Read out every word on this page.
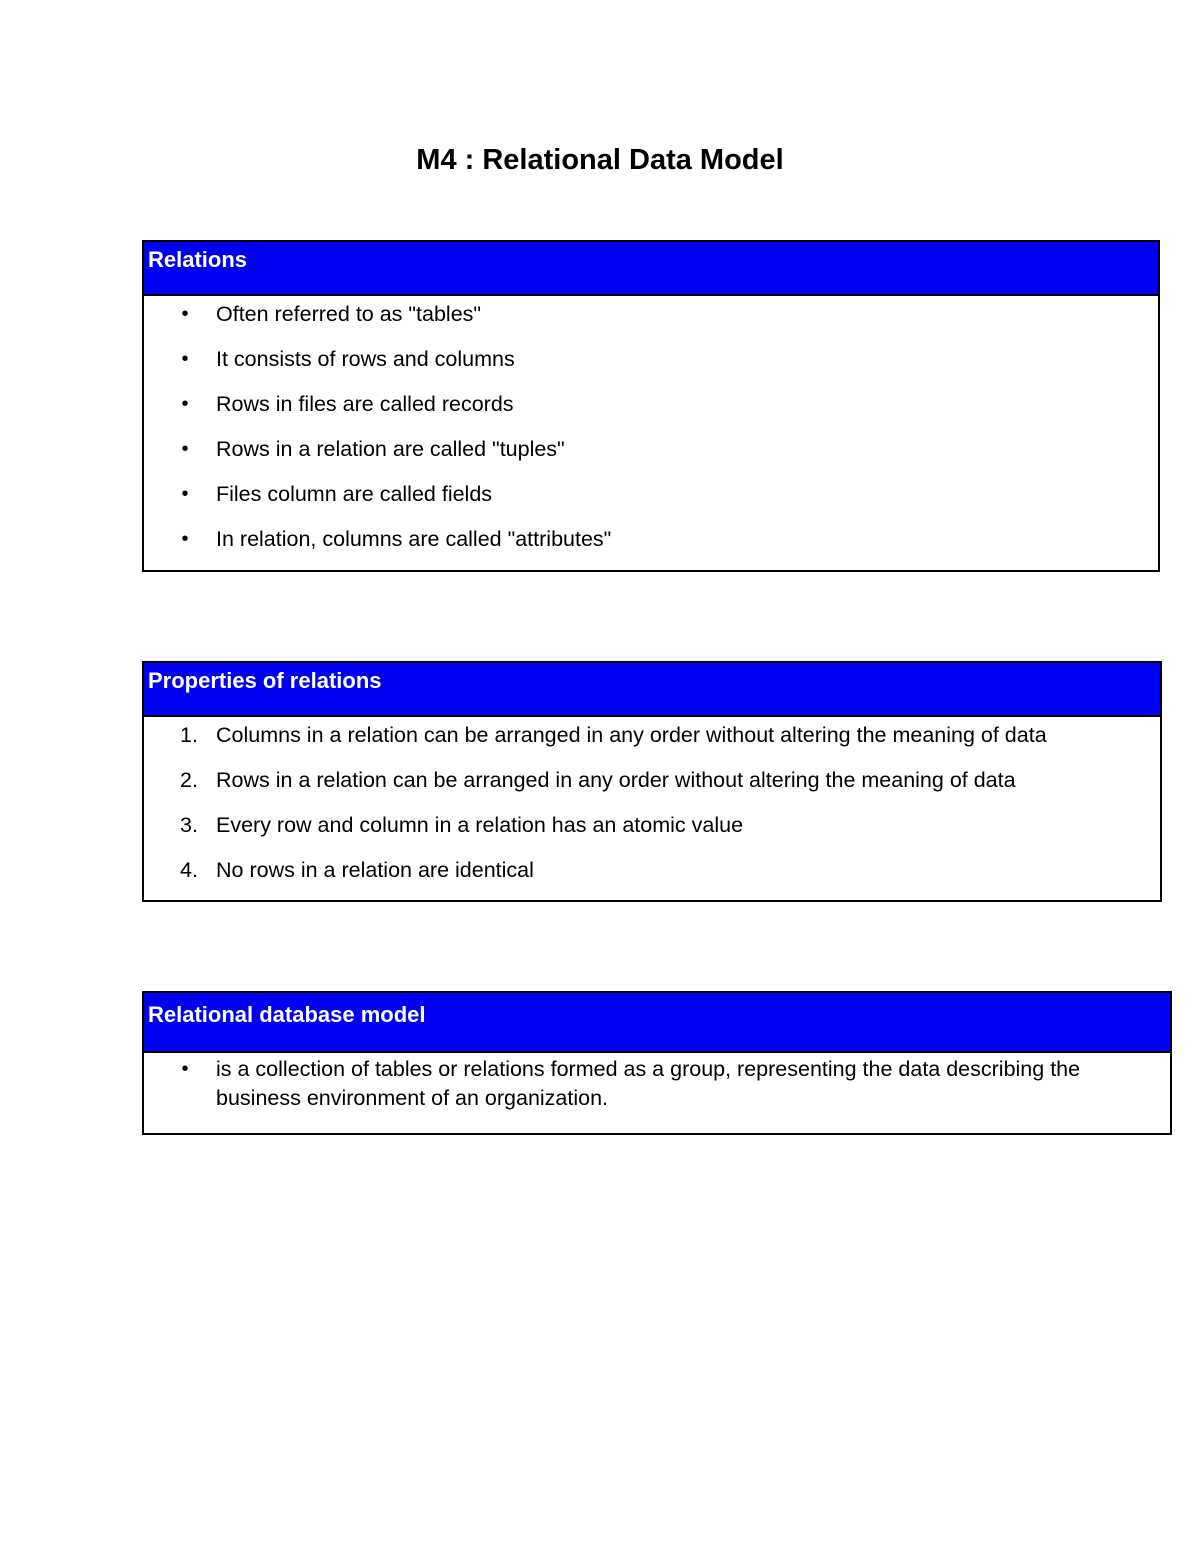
M4 : Relational Data Model
Relations
• Often referred to as "tables"
• It consists of rows and columns
• Rows in files are called records
• Rows in a relation are called "tuples"
• Files column are called fields
• In relation, columns are called "attributes"
Properties of relations
1. Columns in a relation can be arranged in any order without altering the meaning of data
2. Rows in a relation can be arranged in any order without altering the meaning of data
3. Every row and column in a relation has an atomic value
4. No rows in a relation are identical
Relational database model
• is a collection of tables or relations formed as a group, representing the data describing the business environment of an organization.
